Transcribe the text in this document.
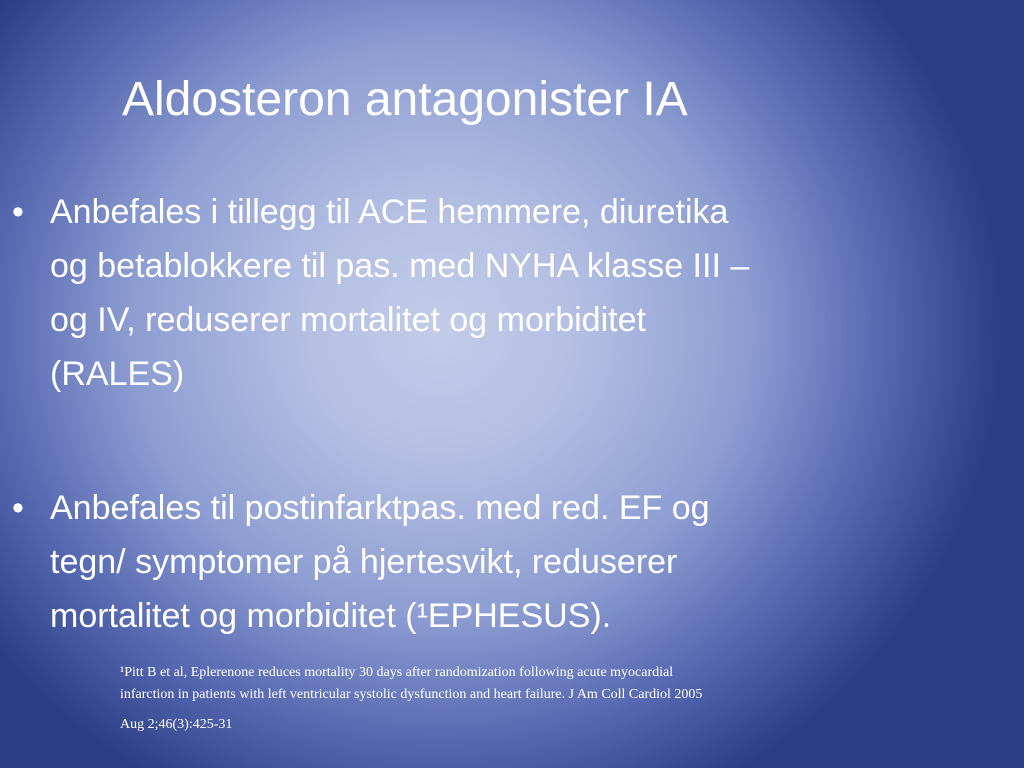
Aldosteron antagonister IA
• Anbefales i tillegg til ACE hemmere, diuretika
og betablokkere til pas. med NYHA klasse III –
og IV, reduserer mortalitet og morbiditet
(RALES)
• Anbefales til postinfarktpas. med red. EF og
tegn/ symptomer på hjertesvikt, reduserer
mortalitet og morbiditet (¹EPHESUS).
¹Pitt B et al, Eplerenone reduces mortality 30 days after randomization following acute myocardial
infarction in patients with left ventricular systolic dysfunction and heart failure. J Am Coll Cardiol 2005
Aug 2;46(3):425-31
